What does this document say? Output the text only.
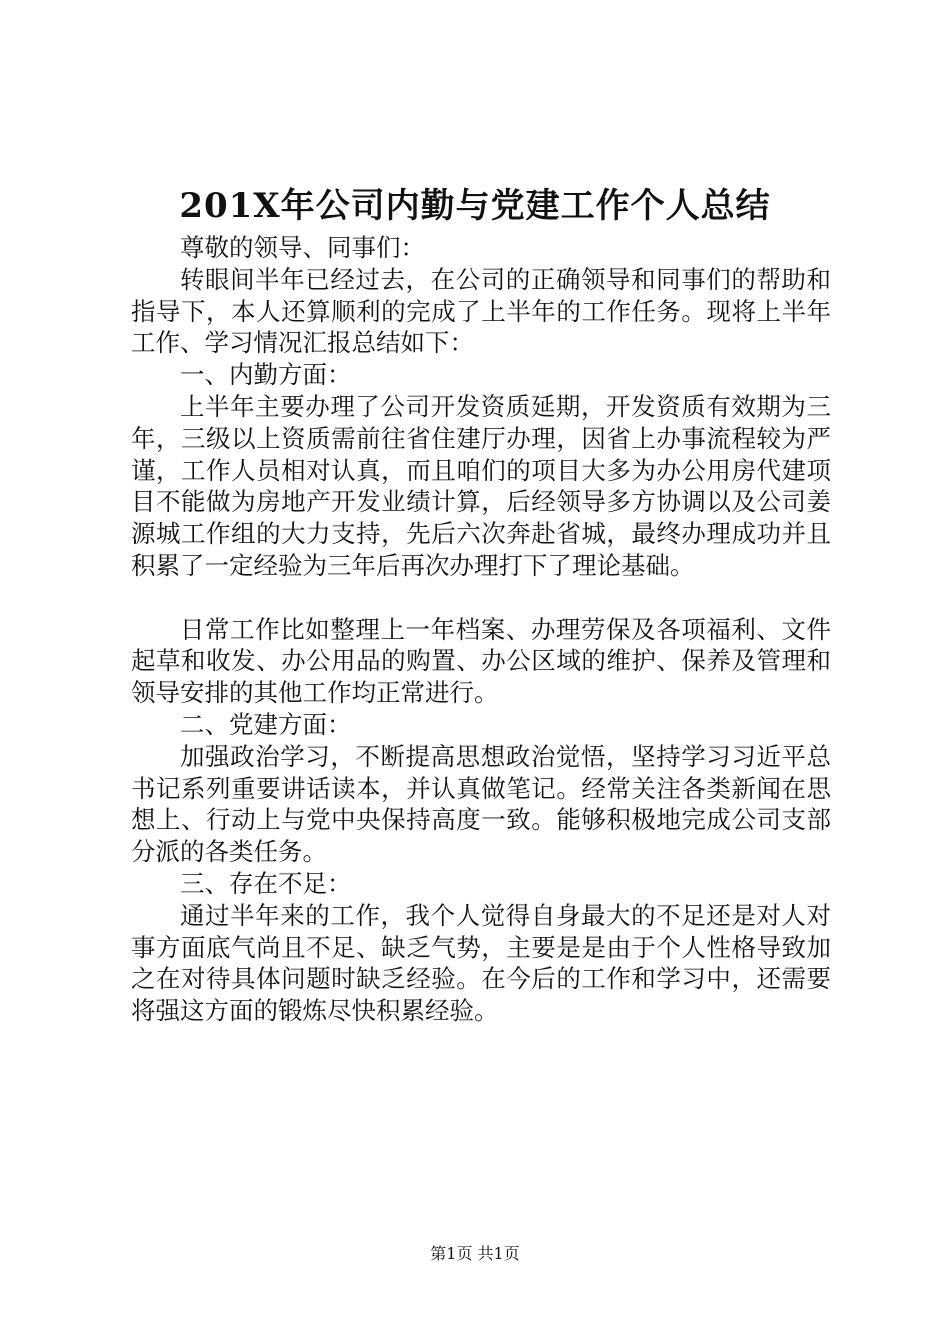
201X年公司内勤与党建工作个人总结

尊敬的领导、同事们：

转眼间半年已经过去，在公司的正确领导和同事们的帮助和指导下，本人还算顺利的完成了上半年的工作任务。现将上半年工作、学习情况汇报总结如下：

一、内勤方面：

上半年主要办理了公司开发资质延期，开发资质有效期为三年，三级以上资质需前往省住建厅办理，因省上办事流程较为严谨，工作人员相对认真，而且咱们的项目大多为办公用房代建项目不能做为房地产开发业绩计算，后经领导多方协调以及公司姜源城工作组的大力支持，先后六次奔赴省城，最终办理成功并且积累了一定经验为三年后再次办理打下了理论基础。

日常工作比如整理上一年档案、办理劳保及各项福利、文件起草和收发、办公用品的购置、办公区域的维护、保养及管理和领导安排的其他工作均正常进行。

二、党建方面：

加强政治学习，不断提高思想政治觉悟，坚持学习习近平总书记系列重要讲话读本，并认真做笔记。经常关注各类新闻在思想上、行动上与党中央保持高度一致。能够积极地完成公司支部分派的各类任务。

三、存在不足：

通过半年来的工作，我个人觉得自身最大的不足还是对人对事方面底气尚且不足、缺乏气势，主要是是由于个人性格导致加之在对待具体问题时缺乏经验。在今后的工作和学习中，还需要将强这方面的锻炼尽快积累经验。

第1页 共1页
